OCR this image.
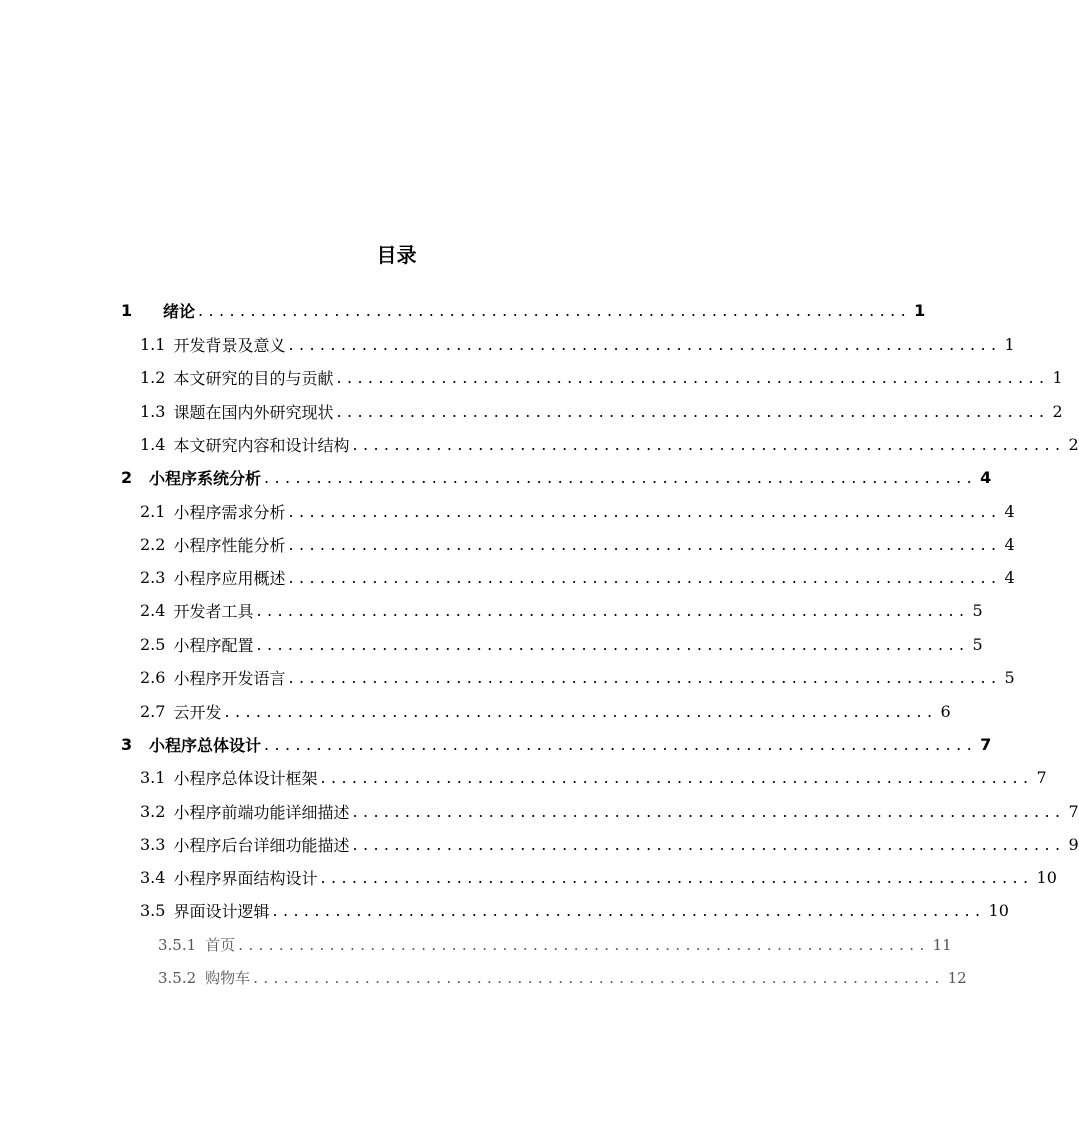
目录
1	绪论 .................................................................... 1
1.1 开发背景及意义 .................................................................... 1
1.2 本文研究的目的与贡献 .................................................................... 1
1.3 课题在国内外研究现状 .................................................................... 2
1.4 本文研究内容和设计结构 .................................................................... 2
2	小程序系统分析 .................................................................... 4
2.1 小程序需求分析 .................................................................... 4
2.2 小程序性能分析 .................................................................... 4
2.3 小程序应用概述 .................................................................... 4
2.4 开发者工具 .................................................................... 5
2.5 小程序配置 .................................................................... 5
2.6 小程序开发语言 .................................................................... 5
2.7 云开发 .................................................................... 6
3	小程序总体设计 .................................................................... 7
3.1 小程序总体设计框架 .................................................................... 7
3.2 小程序前端功能详细描述 .................................................................... 7
3.3 小程序后台详细功能描述 .................................................................... 9
3.4 小程序界面结构设计 .................................................................... 10
3.5 界面设计逻辑 .................................................................... 10
3.5.1 首页 .................................................................... 11
3.5.2 购物车 .................................................................... 12
